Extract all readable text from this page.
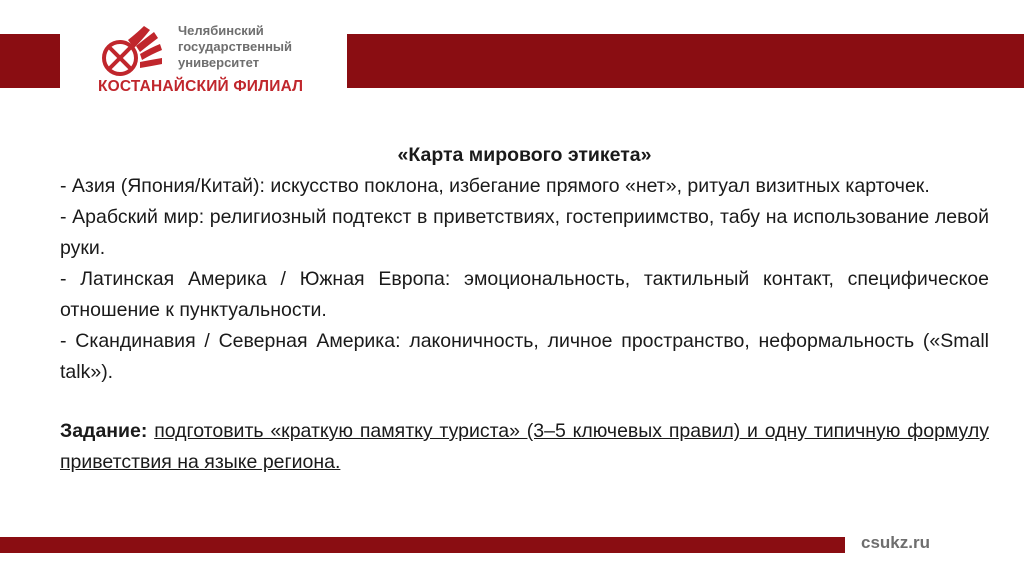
Челябинский
государственный
университет
КОСТАНАЙСКИЙ ФИЛИАЛ
«Карта мирового этикета»
- Азия (Япония/Китай): искусство поклона, избегание прямого «нет», ритуал визитных карточек.
- Арабский мир: религиозный подтекст в приветствиях, гостеприимство, табу на использование левой руки.
- Латинская Америка / Южная Европа: эмоциональность, тактильный контакт, специфическое отношение к пунктуальности.
- Скандинавия / Северная Америка: лаконичность, личное пространство, неформальность («Small talk»).
Задание: подготовить «краткую памятку туриста» (3–5 ключевых правил) и одну типичную формулу приветствия на языке региона.
csukz.ru
